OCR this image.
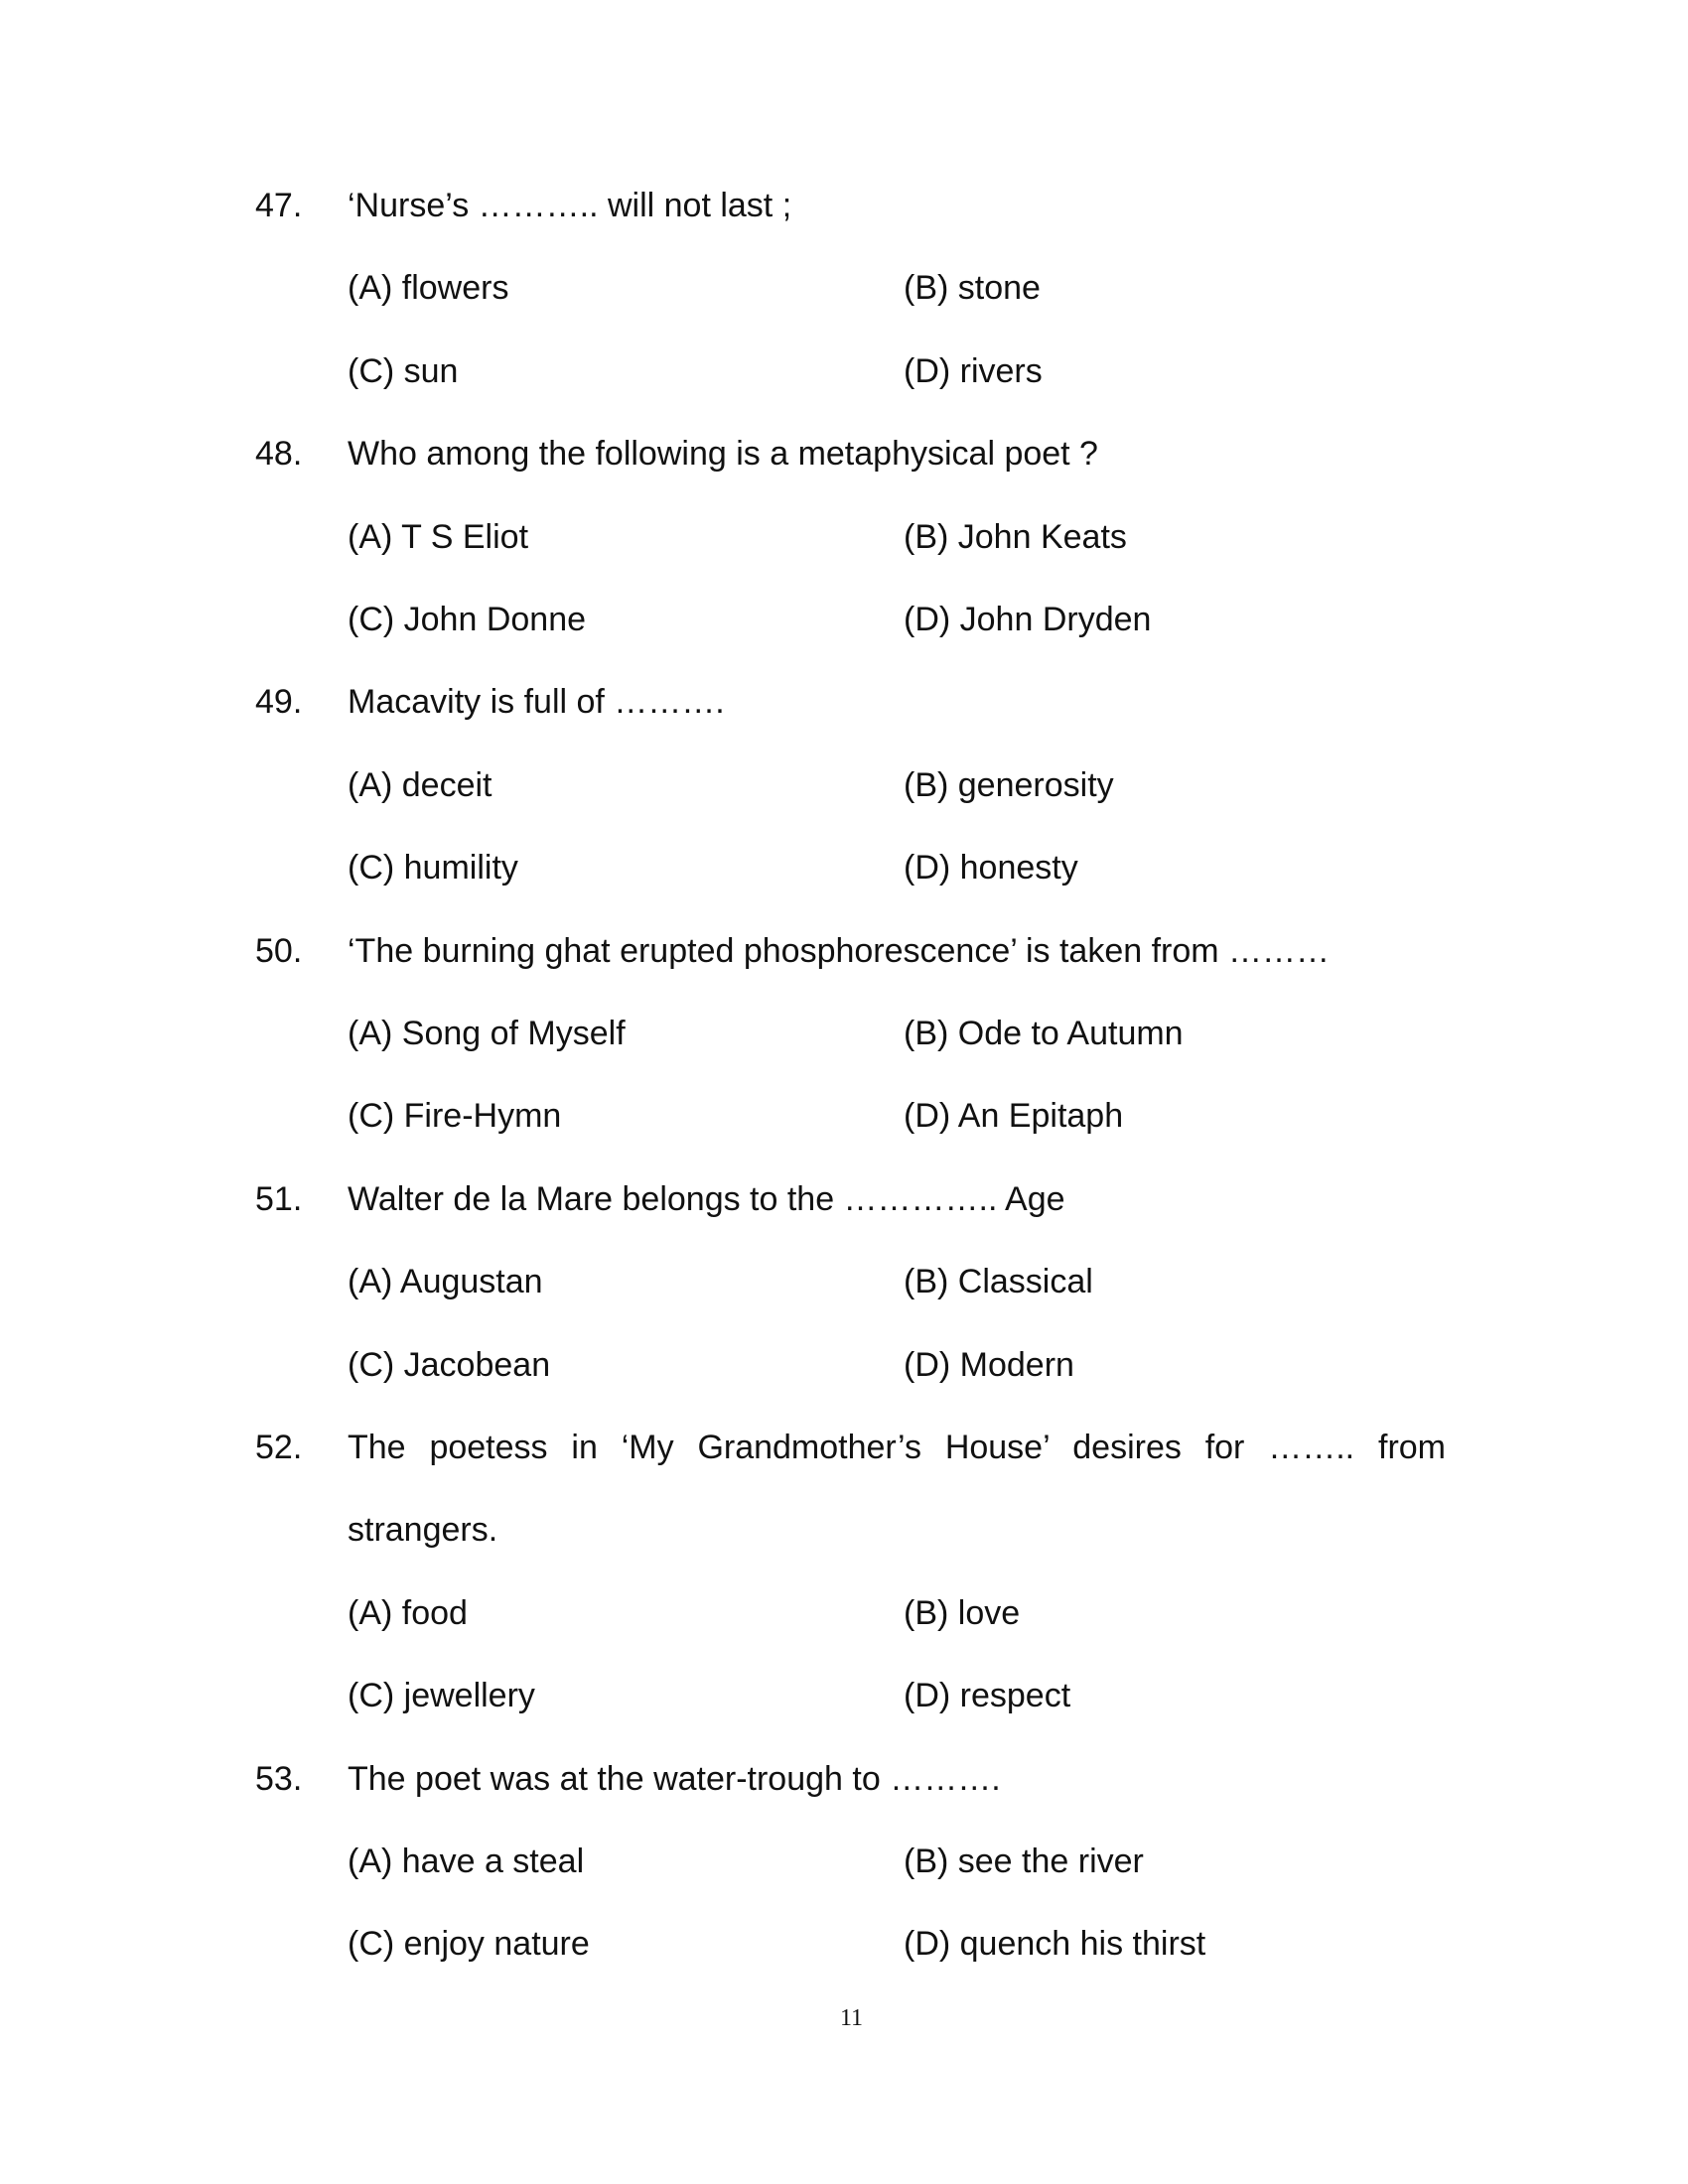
47. ‘Nurse’s ……….. will not last ;
(A) flowers	(B) stone
(C) sun	(D) rivers
48. Who among the following is a metaphysical poet ?
(A) T S Eliot	(B) John Keats
(C) John Donne	(D) John Dryden
49. Macavity is full of ……….
(A) deceit	(B) generosity
(C) humility	(D) honesty
50. ‘The burning ghat erupted phosphorescence’ is taken from ………
(A) Song of Myself	(B) Ode to Autumn
(C) Fire-Hymn	(D) An Epitaph
51. Walter de la Mare belongs to the ………….. Age
(A) Augustan	(B) Classical
(C) Jacobean	(D) Modern
52. The poetess in ‘My Grandmother’s House’ desires for …….. from
strangers.
(A) food	(B) love
(C) jewellery	(D) respect
53. The poet was at the water-trough to ……….
(A) have a steal	(B) see the river
(C) enjoy nature	(D) quench his thirst
11
